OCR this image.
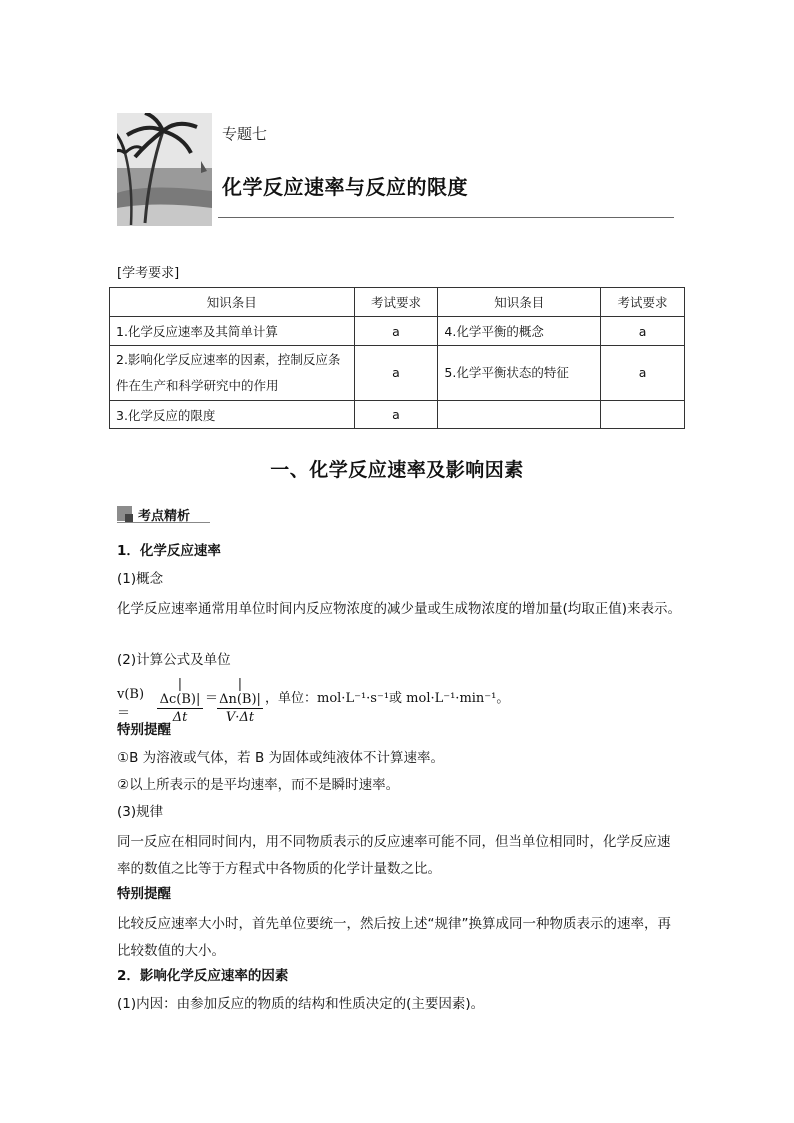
专题七
化学反应速率与反应的限度
[学考要求]
知识条目	考试要求	知识条目	考试要求
1.化学反应速率及其简单计算	a	4.化学平衡的概念	a
2.影响化学反应速率的因素，控制反应条件在生产和科学研究中的作用	a	5.化学平衡状态的特征	a
3.化学反应的限度	a		
一、化学反应速率及影响因素
考点精析
1．化学反应速率
(1)概念
化学反应速率通常用单位时间内反应物浓度的减少量或生成物浓度的增加量(均取正值)来表示。
(2)计算公式及单位
v(B)＝	$\frac{|\Delta c(B)|}{\Delta t}$ ＝
$\frac{|\Delta n(B)|}{V\cdot\Delta t}$ ，单位：mol·L⁻¹·s⁻¹或 mol·L⁻¹·min⁻¹。
特别提醒
①B 为溶液或气体，若 B 为固体或纯液体不计算速率。
②以上所表示的是平均速率，而不是瞬时速率。
(3)规律
同一反应在相同时间内，用不同物质表示的反应速率可能不同，但当单位相同时，化学反应速率的数值之比等于方程式中各物质的化学计量数之比。
特别提醒
比较反应速率大小时，首先单位要统一，然后按上述“规律”换算成同一种物质表示的速率，再比较数值的大小。
2．影响化学反应速率的因素
(1)内因：由参加反应的物质的结构和性质决定的(主要因素)。
